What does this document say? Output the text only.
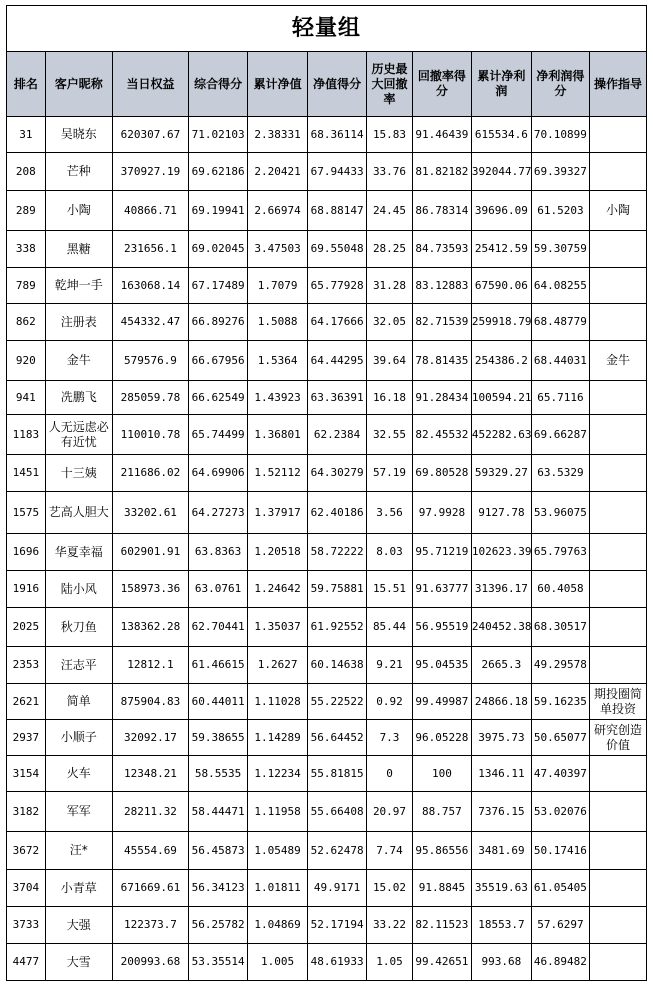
轻量组										
排名	客户昵称	当日权益	综合得分	累计净值	净值得分	历史最大回撤率	回撤率得分	累计净利润	净利润得分	操作指导
31	吴晓东	620307.67	71.02103	2.38331	68.36114	15.83	91.46439	615534.6	70.10899	
208	芒种	370927.19	69.62186	2.20421	67.94433	33.76	81.82182	392044.77	69.39327	
289	小陶	40866.71	69.19941	2.66974	68.88147	24.45	86.78314	39696.09	61.5203	小陶
338	黑糖	231656.1	69.02045	3.47503	69.55048	28.25	84.73593	25412.59	59.30759	
789	乾坤一手	163068.14	67.17489	1.7079	65.77928	31.28	83.12883	67590.06	64.08255	
862	注册表	454332.47	66.89276	1.5088	64.17666	32.05	82.71539	259918.79	68.48779	
920	金牛	579576.9	66.67956	1.5364	64.44295	39.64	78.81435	254386.2	68.44031	金牛
941	冼鹏飞	285059.78	66.62549	1.43923	63.36391	16.18	91.28434	100594.21	65.7116	
1183	人无远虑必有近忧	110010.78	65.74499	1.36801	62.2384	32.55	82.45532	452282.63	69.66287	
1451	十三姨	211686.02	64.69906	1.52112	64.30279	57.19	69.80528	59329.27	63.5329	
1575	艺高人胆大	33202.61	64.27273	1.37917	62.40186	3.56	97.9928	9127.78	53.96075	
1696	华夏幸福	602901.91	63.8363	1.20518	58.72222	8.03	95.71219	102623.39	65.79763	
1916	陆小风	158973.36	63.0761	1.24642	59.75881	15.51	91.63777	31396.17	60.4058	
2025	秋刀鱼	138362.28	62.70441	1.35037	61.92552	85.44	56.95519	240452.38	68.30517	
2353	汪志平	12812.1	61.46615	1.2627	60.14638	9.21	95.04535	2665.3	49.29578	
2621	简单	875904.83	60.44011	1.11028	55.22522	0.92	99.49987	24866.18	59.16235	期投圈简单投资
2937	小顺子	32092.17	59.38655	1.14289	56.64452	7.3	96.05228	3975.73	50.65077	研究创造价值
3154	火车	12348.21	58.5535	1.12234	55.81815	0	100	1346.11	47.40397	
3182	军军	28211.32	58.44471	1.11958	55.66408	20.97	88.757	7376.15	53.02076	
3672	汪*	45554.69	56.45873	1.05489	52.62478	7.74	95.86556	3481.69	50.17416	
3704	小青草	671669.61	56.34123	1.01811	49.9171	15.02	91.8845	35519.63	61.05405	
3733	大强	122373.7	56.25782	1.04869	52.17194	33.22	82.11523	18553.7	57.6297	
4477	大雪	200993.68	53.35514	1.005	48.61933	1.05	99.42651	993.68	46.89482	
